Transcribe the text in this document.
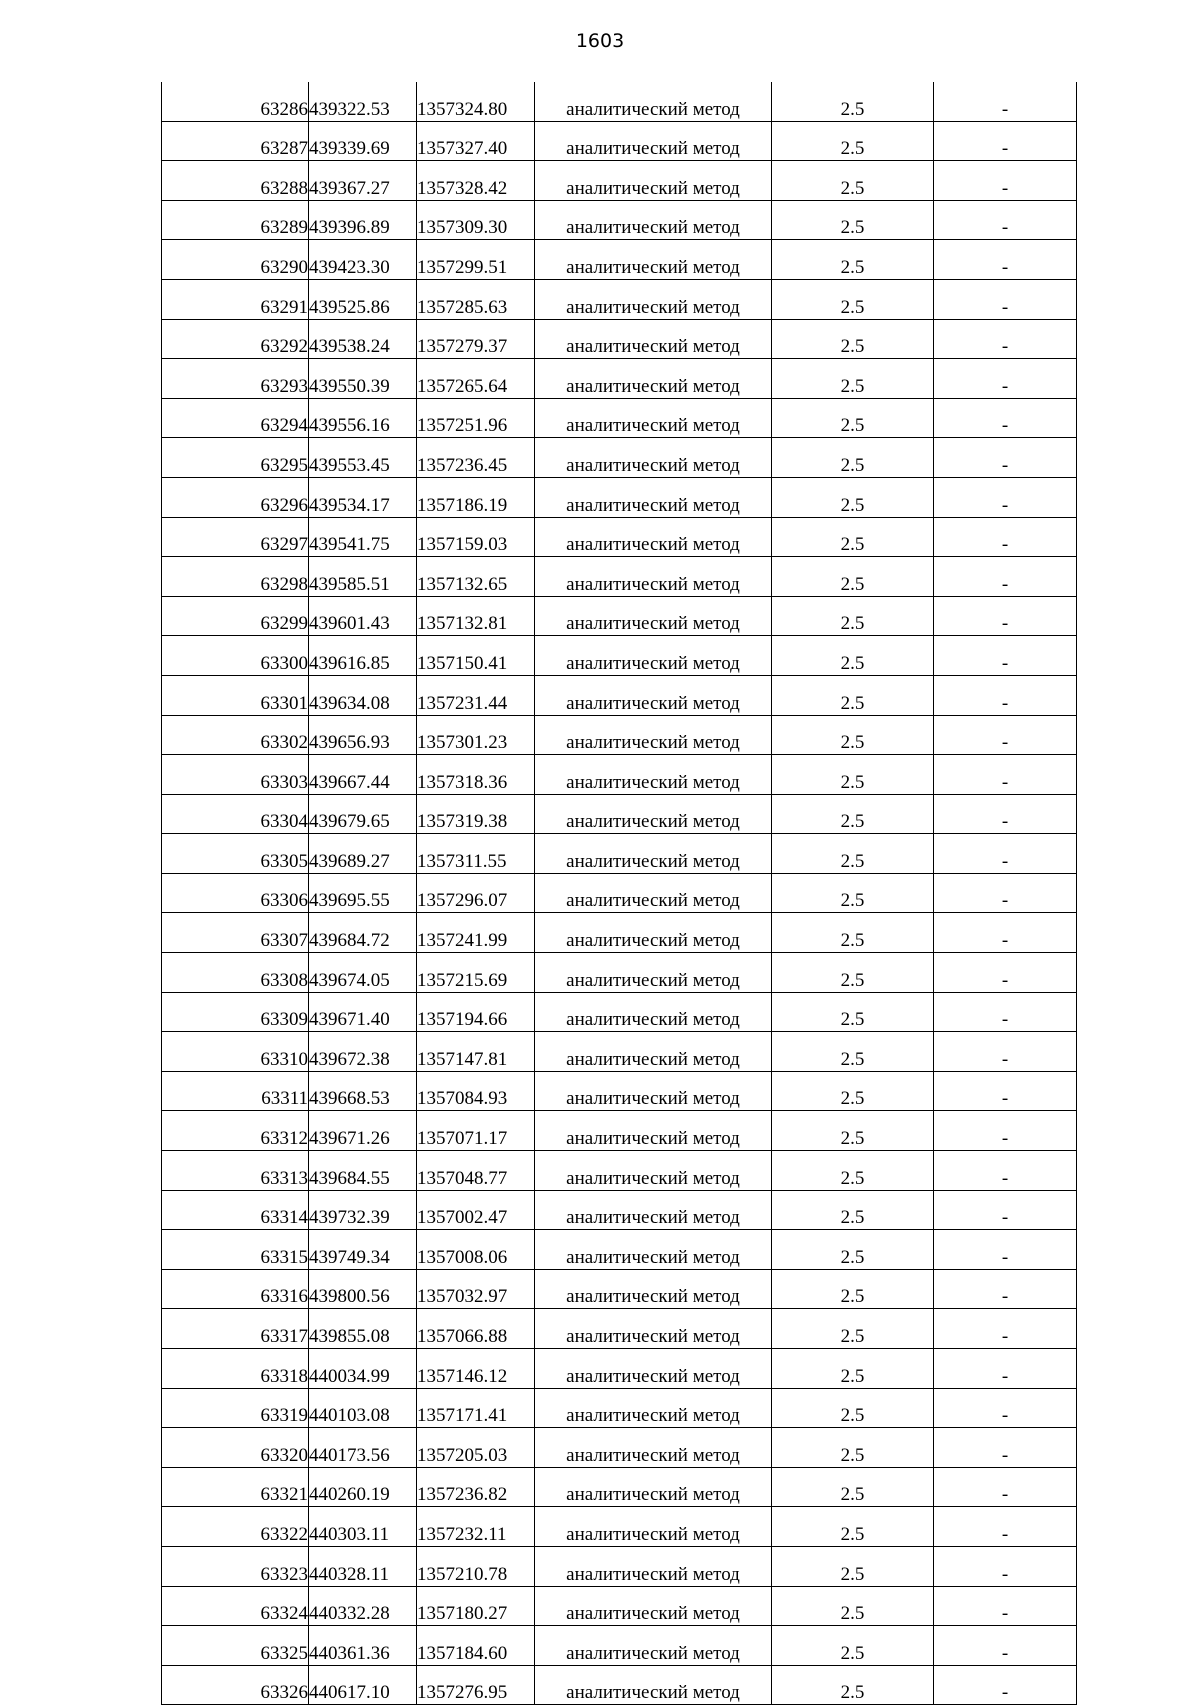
1603
63286	439322.53	1357324.80	аналитический метод	2.5	-
63287	439339.69	1357327.40	аналитический метод	2.5	-
63288	439367.27	1357328.42	аналитический метод	2.5	-
63289	439396.89	1357309.30	аналитический метод	2.5	-
63290	439423.30	1357299.51	аналитический метод	2.5	-
63291	439525.86	1357285.63	аналитический метод	2.5	-
63292	439538.24	1357279.37	аналитический метод	2.5	-
63293	439550.39	1357265.64	аналитический метод	2.5	-
63294	439556.16	1357251.96	аналитический метод	2.5	-
63295	439553.45	1357236.45	аналитический метод	2.5	-
63296	439534.17	1357186.19	аналитический метод	2.5	-
63297	439541.75	1357159.03	аналитический метод	2.5	-
63298	439585.51	1357132.65	аналитический метод	2.5	-
63299	439601.43	1357132.81	аналитический метод	2.5	-
63300	439616.85	1357150.41	аналитический метод	2.5	-
63301	439634.08	1357231.44	аналитический метод	2.5	-
63302	439656.93	1357301.23	аналитический метод	2.5	-
63303	439667.44	1357318.36	аналитический метод	2.5	-
63304	439679.65	1357319.38	аналитический метод	2.5	-
63305	439689.27	1357311.55	аналитический метод	2.5	-
63306	439695.55	1357296.07	аналитический метод	2.5	-
63307	439684.72	1357241.99	аналитический метод	2.5	-
63308	439674.05	1357215.69	аналитический метод	2.5	-
63309	439671.40	1357194.66	аналитический метод	2.5	-
63310	439672.38	1357147.81	аналитический метод	2.5	-
63311	439668.53	1357084.93	аналитический метод	2.5	-
63312	439671.26	1357071.17	аналитический метод	2.5	-
63313	439684.55	1357048.77	аналитический метод	2.5	-
63314	439732.39	1357002.47	аналитический метод	2.5	-
63315	439749.34	1357008.06	аналитический метод	2.5	-
63316	439800.56	1357032.97	аналитический метод	2.5	-
63317	439855.08	1357066.88	аналитический метод	2.5	-
63318	440034.99	1357146.12	аналитический метод	2.5	-
63319	440103.08	1357171.41	аналитический метод	2.5	-
63320	440173.56	1357205.03	аналитический метод	2.5	-
63321	440260.19	1357236.82	аналитический метод	2.5	-
63322	440303.11	1357232.11	аналитический метод	2.5	-
63323	440328.11	1357210.78	аналитический метод	2.5	-
63324	440332.28	1357180.27	аналитический метод	2.5	-
63325	440361.36	1357184.60	аналитический метод	2.5	-
63326	440617.10	1357276.95	аналитический метод	2.5	-
